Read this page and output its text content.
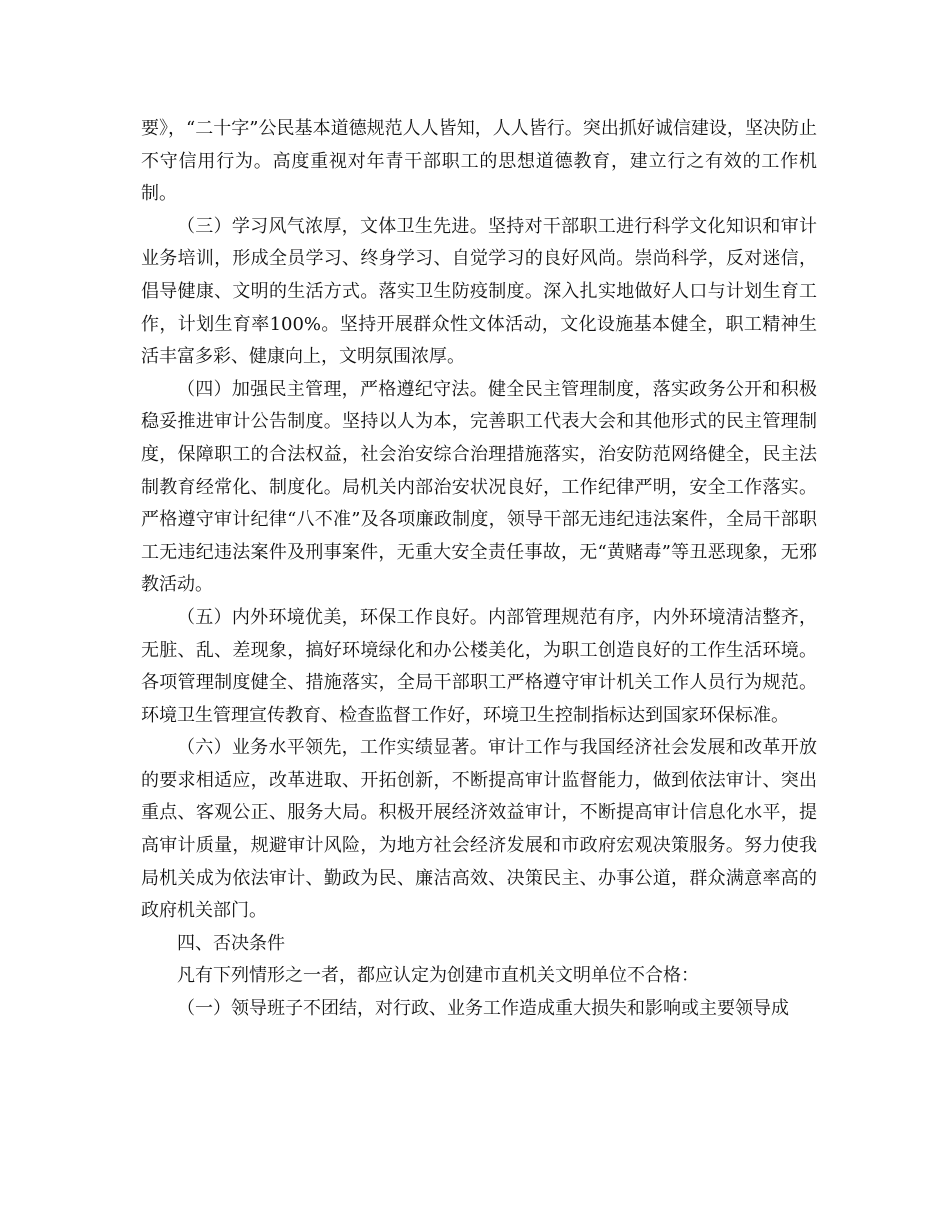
要》，“二十字”公民基本道德规范人人皆知，人人皆行。突出抓好诚信建设，坚决防止不守信用行为。高度重视对年青干部职工的思想道德教育，建立行之有效的工作机制。

（三）学习风气浓厚，文体卫生先进。坚持对干部职工进行科学文化知识和审计业务培训，形成全员学习、终身学习、自觉学习的良好风尚。崇尚科学，反对迷信，倡导健康、文明的生活方式。落实卫生防疫制度。深入扎实地做好人口与计划生育工作，计划生育率100%。坚持开展群众性文体活动，文化设施基本健全，职工精神生活丰富多彩、健康向上，文明氛围浓厚。

（四）加强民主管理，严格遵纪守法。健全民主管理制度，落实政务公开和积极稳妥推进审计公告制度。坚持以人为本，完善职工代表大会和其他形式的民主管理制度，保障职工的合法权益，社会治安综合治理措施落实，治安防范网络健全，民主法制教育经常化、制度化。局机关内部治安状况良好，工作纪律严明，安全工作落实。严格遵守审计纪律“八不准”及各项廉政制度，领导干部无违纪违法案件，全局干部职工无违纪违法案件及刑事案件，无重大安全责任事故，无“黄赌毒”等丑恶现象，无邪教活动。

（五）内外环境优美，环保工作良好。内部管理规范有序，内外环境清洁整齐，无脏、乱、差现象，搞好环境绿化和办公楼美化，为职工创造良好的工作生活环境。各项管理制度健全、措施落实，全局干部职工严格遵守审计机关工作人员行为规范。环境卫生管理宣传教育、检查监督工作好，环境卫生控制指标达到国家环保标准。

（六）业务水平领先，工作实绩显著。审计工作与我国经济社会发展和改革开放的要求相适应，改革进取、开拓创新，不断提高审计监督能力，做到依法审计、突出重点、客观公正、服务大局。积极开展经济效益审计，不断提高审计信息化水平，提高审计质量，规避审计风险，为地方社会经济发展和市政府宏观决策服务。努力使我局机关成为依法审计、勤政为民、廉洁高效、决策民主、办事公道，群众满意率高的政府机关部门。

四、否决条件

凡有下列情形之一者，都应认定为创建市直机关文明单位不合格：

（一）领导班子不团结，对行政、业务工作造成重大损失和影响或主要领导成
